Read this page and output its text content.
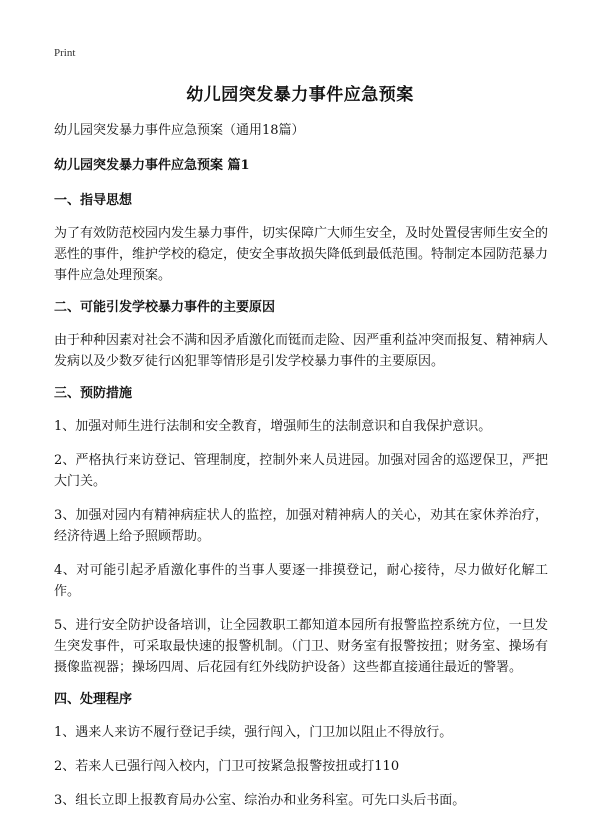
Print
幼儿园突发暴力事件应急预案

幼儿园突发暴力事件应急预案（通用18篇）

幼儿园突发暴力事件应急预案 篇1

一、指导思想

为了有效防范校园内发生暴力事件，切实保障广大师生安全，及时处置侵害师生安全的恶性的事件，维护学校的稳定，使安全事故损失降低到最低范围。特制定本园防范暴力事件应急处理预案。

二、可能引发学校暴力事件的主要原因

由于种种因素对社会不满和因矛盾激化而铤而走险、因严重利益冲突而报复、精神病人发病以及少数歹徒行凶犯罪等情形是引发学校暴力事件的主要原因。

三、预防措施

1、加强对师生进行法制和安全教育，增强师生的法制意识和自我保护意识。

2、严格执行来访登记、管理制度，控制外来人员进园。加强对园舍的巡逻保卫，严把大门关。

3、加强对园内有精神病症状人的监控，加强对精神病人的关心，劝其在家休养治疗，经济待遇上给予照顾帮助。

4、对可能引起矛盾激化事件的当事人要逐一排摸登记，耐心接待，尽力做好化解工作。

5、进行安全防护设备培训，让全园教职工都知道本园所有报警监控系统方位，一旦发生突发事件，可采取最快速的报警机制。（门卫、财务室有报警按扭；财务室、操场有摄像监视器；操场四周、后花园有红外线防护设备）这些都直接通往最近的警署。

四、处理程序

1、遇来人来访不履行登记手续，强行闯入，门卫加以阻止不得放行。

2、若来人已强行闯入校内，门卫可按紧急报警按扭或打110

3、组长立即上报教育局办公室、综治办和业务科室。可先口头后书面。
